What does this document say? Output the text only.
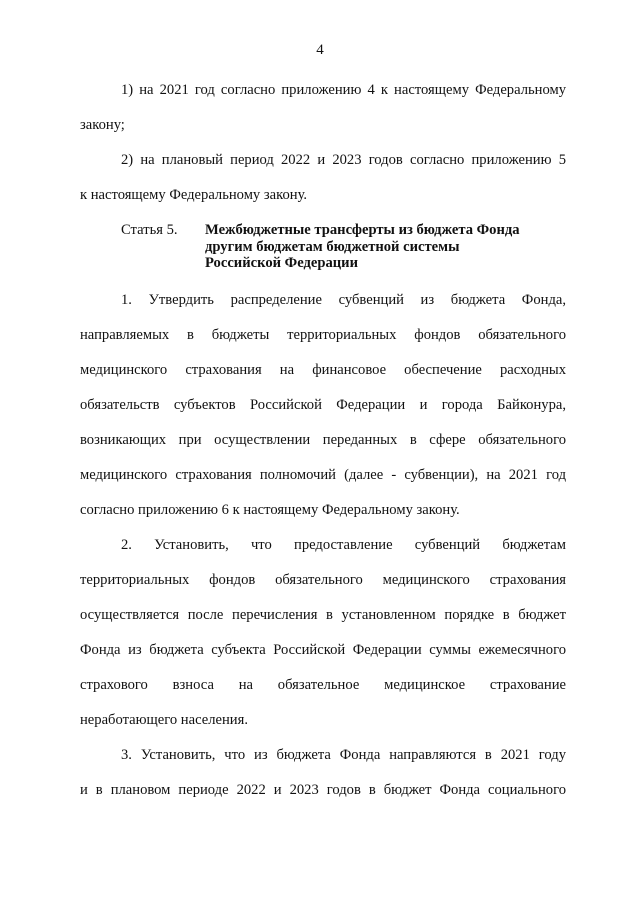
4
1) на 2021 год согласно приложению 4 к настоящему Федеральному
закону;
2) на плановый период 2022 и 2023 годов согласно приложению 5
к настоящему Федеральному закону.
Статья 5. Межбюджетные трансферты из бюджета Фонда
другим бюджетам бюджетной системы
Российской Федерации
1. Утвердить распределение субвенций из бюджета Фонда,
направляемых в бюджеты территориальных фондов обязательного
медицинского страхования на финансовое обеспечение расходных
обязательств субъектов Российской Федерации и города Байконура,
возникающих при осуществлении переданных в сфере обязательного
медицинского страхования полномочий (далее - субвенции), на 2021 год
согласно приложению 6 к настоящему Федеральному закону.
2. Установить, что предоставление субвенций бюджетам
территориальных фондов обязательного медицинского страхования
осуществляется после перечисления в установленном порядке в бюджет
Фонда из бюджета субъекта Российской Федерации суммы ежемесячного
страхового взноса на обязательное медицинское страхование
неработающего населения.
3. Установить, что из бюджета Фонда направляются в 2021 году
и в плановом периоде 2022 и 2023 годов в бюджет Фонда социального
